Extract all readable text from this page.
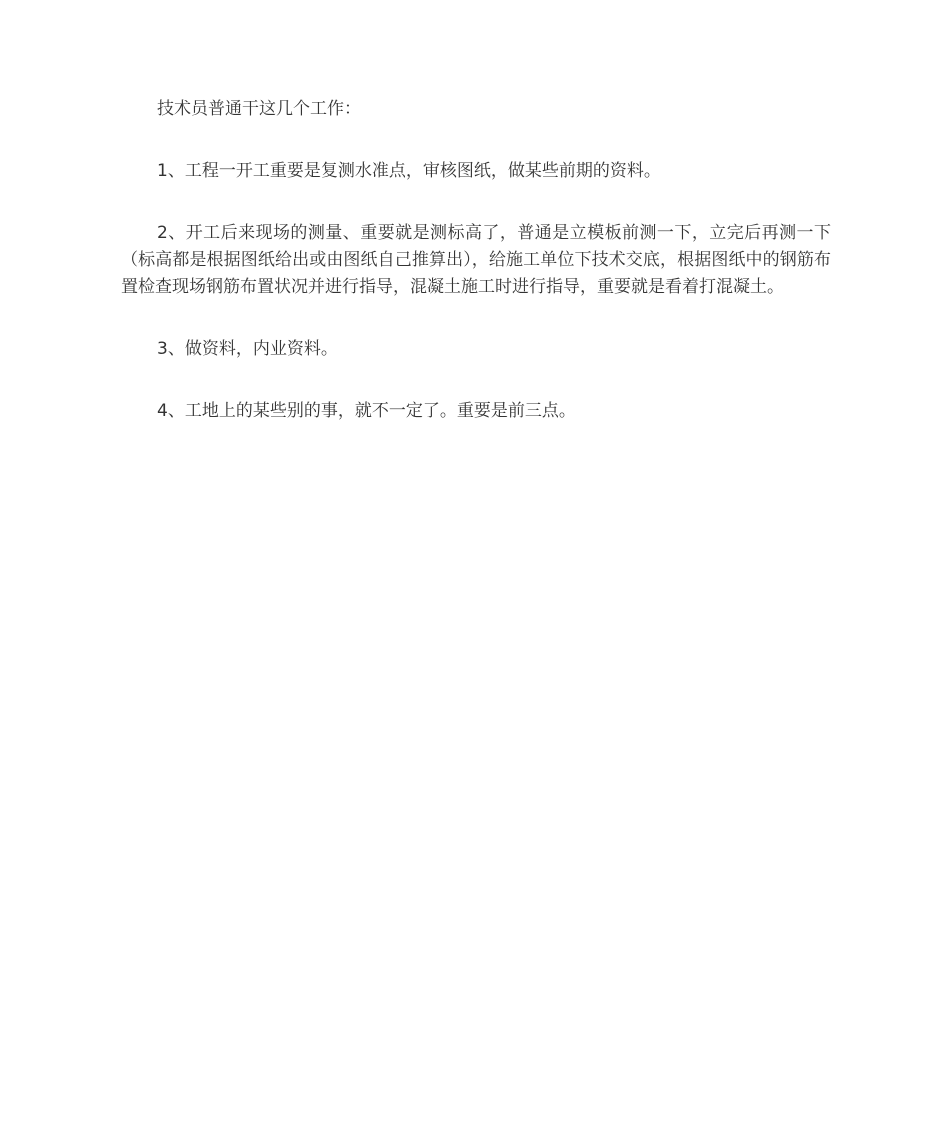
技术员普通干这几个工作：

1、工程一开工重要是复测水准点，审核图纸，做某些前期的资料。

2、开工后来现场的测量、重要就是测标高了，普通是立模板前测一下，立完后再测一下（标高都是根据图纸给出或由图纸自己推算出），给施工单位下技术交底，根据图纸中的钢筋布置检查现场钢筋布置状况并进行指导，混凝土施工时进行指导，重要就是看着打混凝土。

3、做资料，内业资料。

4、工地上的某些别的事，就不一定了。重要是前三点。
